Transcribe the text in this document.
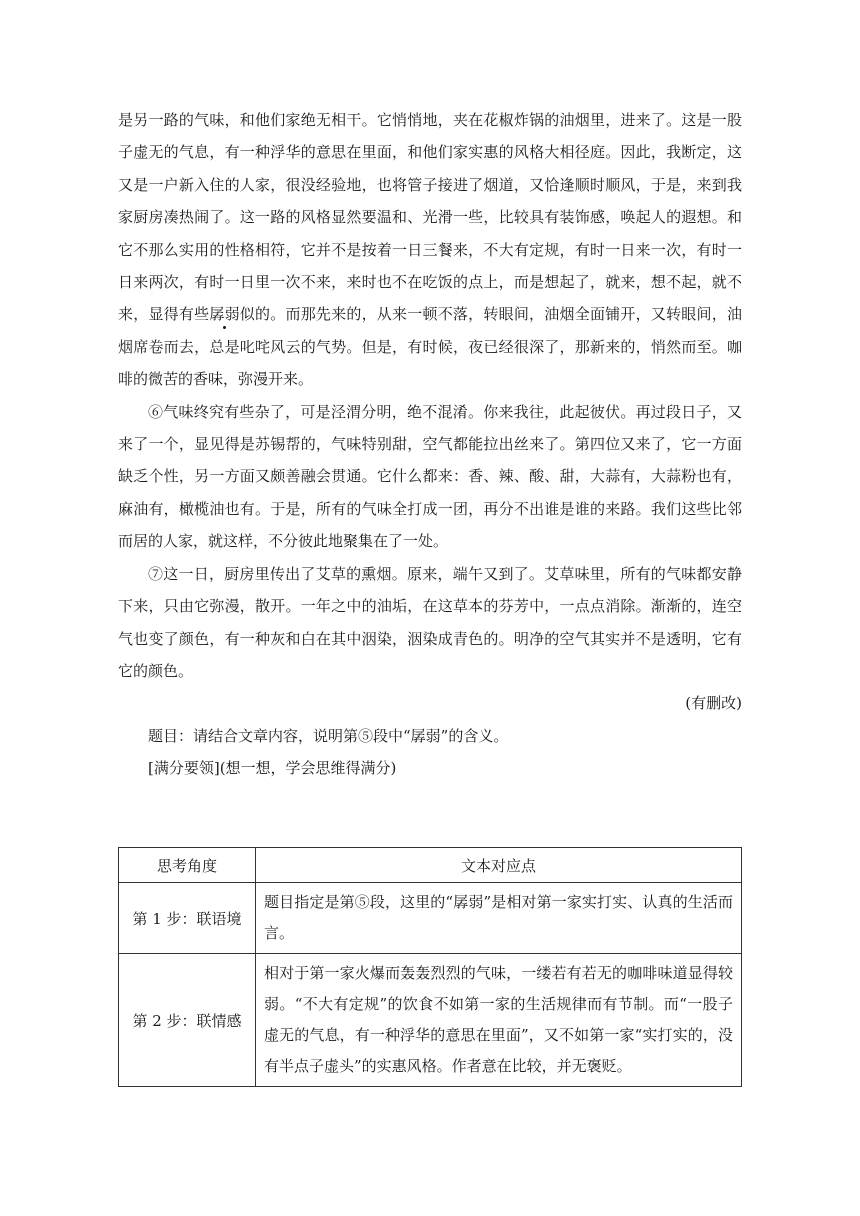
是另一路的气味，和他们家绝无相干。它悄悄地，夹在花椒炸锅的油烟里，进来了。这是一股子虚无的气息，有一种浮华的意思在里面，和他们家实惠的风格大相径庭。因此，我断定，这又是一户新入住的人家，很没经验地，也将管子接进了烟道，又恰逢顺时顺风，于是，来到我家厨房凑热闹了。这一路的风格显然要温和、光滑一些，比较具有装饰感，唤起人的遐想。和它不那么实用的性格相符，它并不是按着一日三餐来，不大有定规，有时一日来一次，有时一日来两次，有时一日里一次不来，来时也不在吃饭的点上，而是想起了，就来，想不起，就不来，显得有些孱弱似的。而那先来的，从来一顿不落，转眼间，油烟全面铺开，又转眼间，油烟席卷而去，总是叱咤风云的气势。但是，有时候，夜已经很深了，那新来的，悄然而至。咖啡的微苦的香味，弥漫开来。

⑥气味终究有些杂了，可是泾渭分明，绝不混淆。你来我往，此起彼伏。再过段日子，又来了一个，显见得是苏锡帮的，气味特别甜，空气都能拉出丝来了。第四位又来了，它一方面缺乏个性，另一方面又颇善融会贯通。它什么都来：香、辣、酸、甜，大蒜有，大蒜粉也有，麻油有，橄榄油也有。于是，所有的气味全打成一团，再分不出谁是谁的来路。我们这些比邻而居的人家，就这样，不分彼此地聚集在了一处。

⑦这一日，厨房里传出了艾草的熏烟。原来，端午又到了。艾草味里，所有的气味都安静下来，只由它弥漫，散开。一年之中的油垢，在这草本的芬芳中，一点点消除。渐渐的，连空气也变了颜色，有一种灰和白在其中洇染，洇染成青色的。明净的空气其实并不是透明，它有它的颜色。

(有删改)

题目：请结合文章内容，说明第⑤段中“孱弱”的含义。

[满分要领](想一想，学会思维得满分)

思考角度	文本对应点
第 1 步：联语境	题目指定是第⑤段，这里的“孱弱”是相对第一家实打实、认真的生活而言。
第 2 步：联情感	相对于第一家火爆而轰轰烈烈的气味，一缕若有若无的咖啡味道显得较弱。“不大有定规”的饮食不如第一家的生活规律而有节制。而“一股子虚无的气息，有一种浮华的意思在里面”，又不如第一家“实打实的，没有半点子虚头”的实惠风格。作者意在比较，并无褒贬。
